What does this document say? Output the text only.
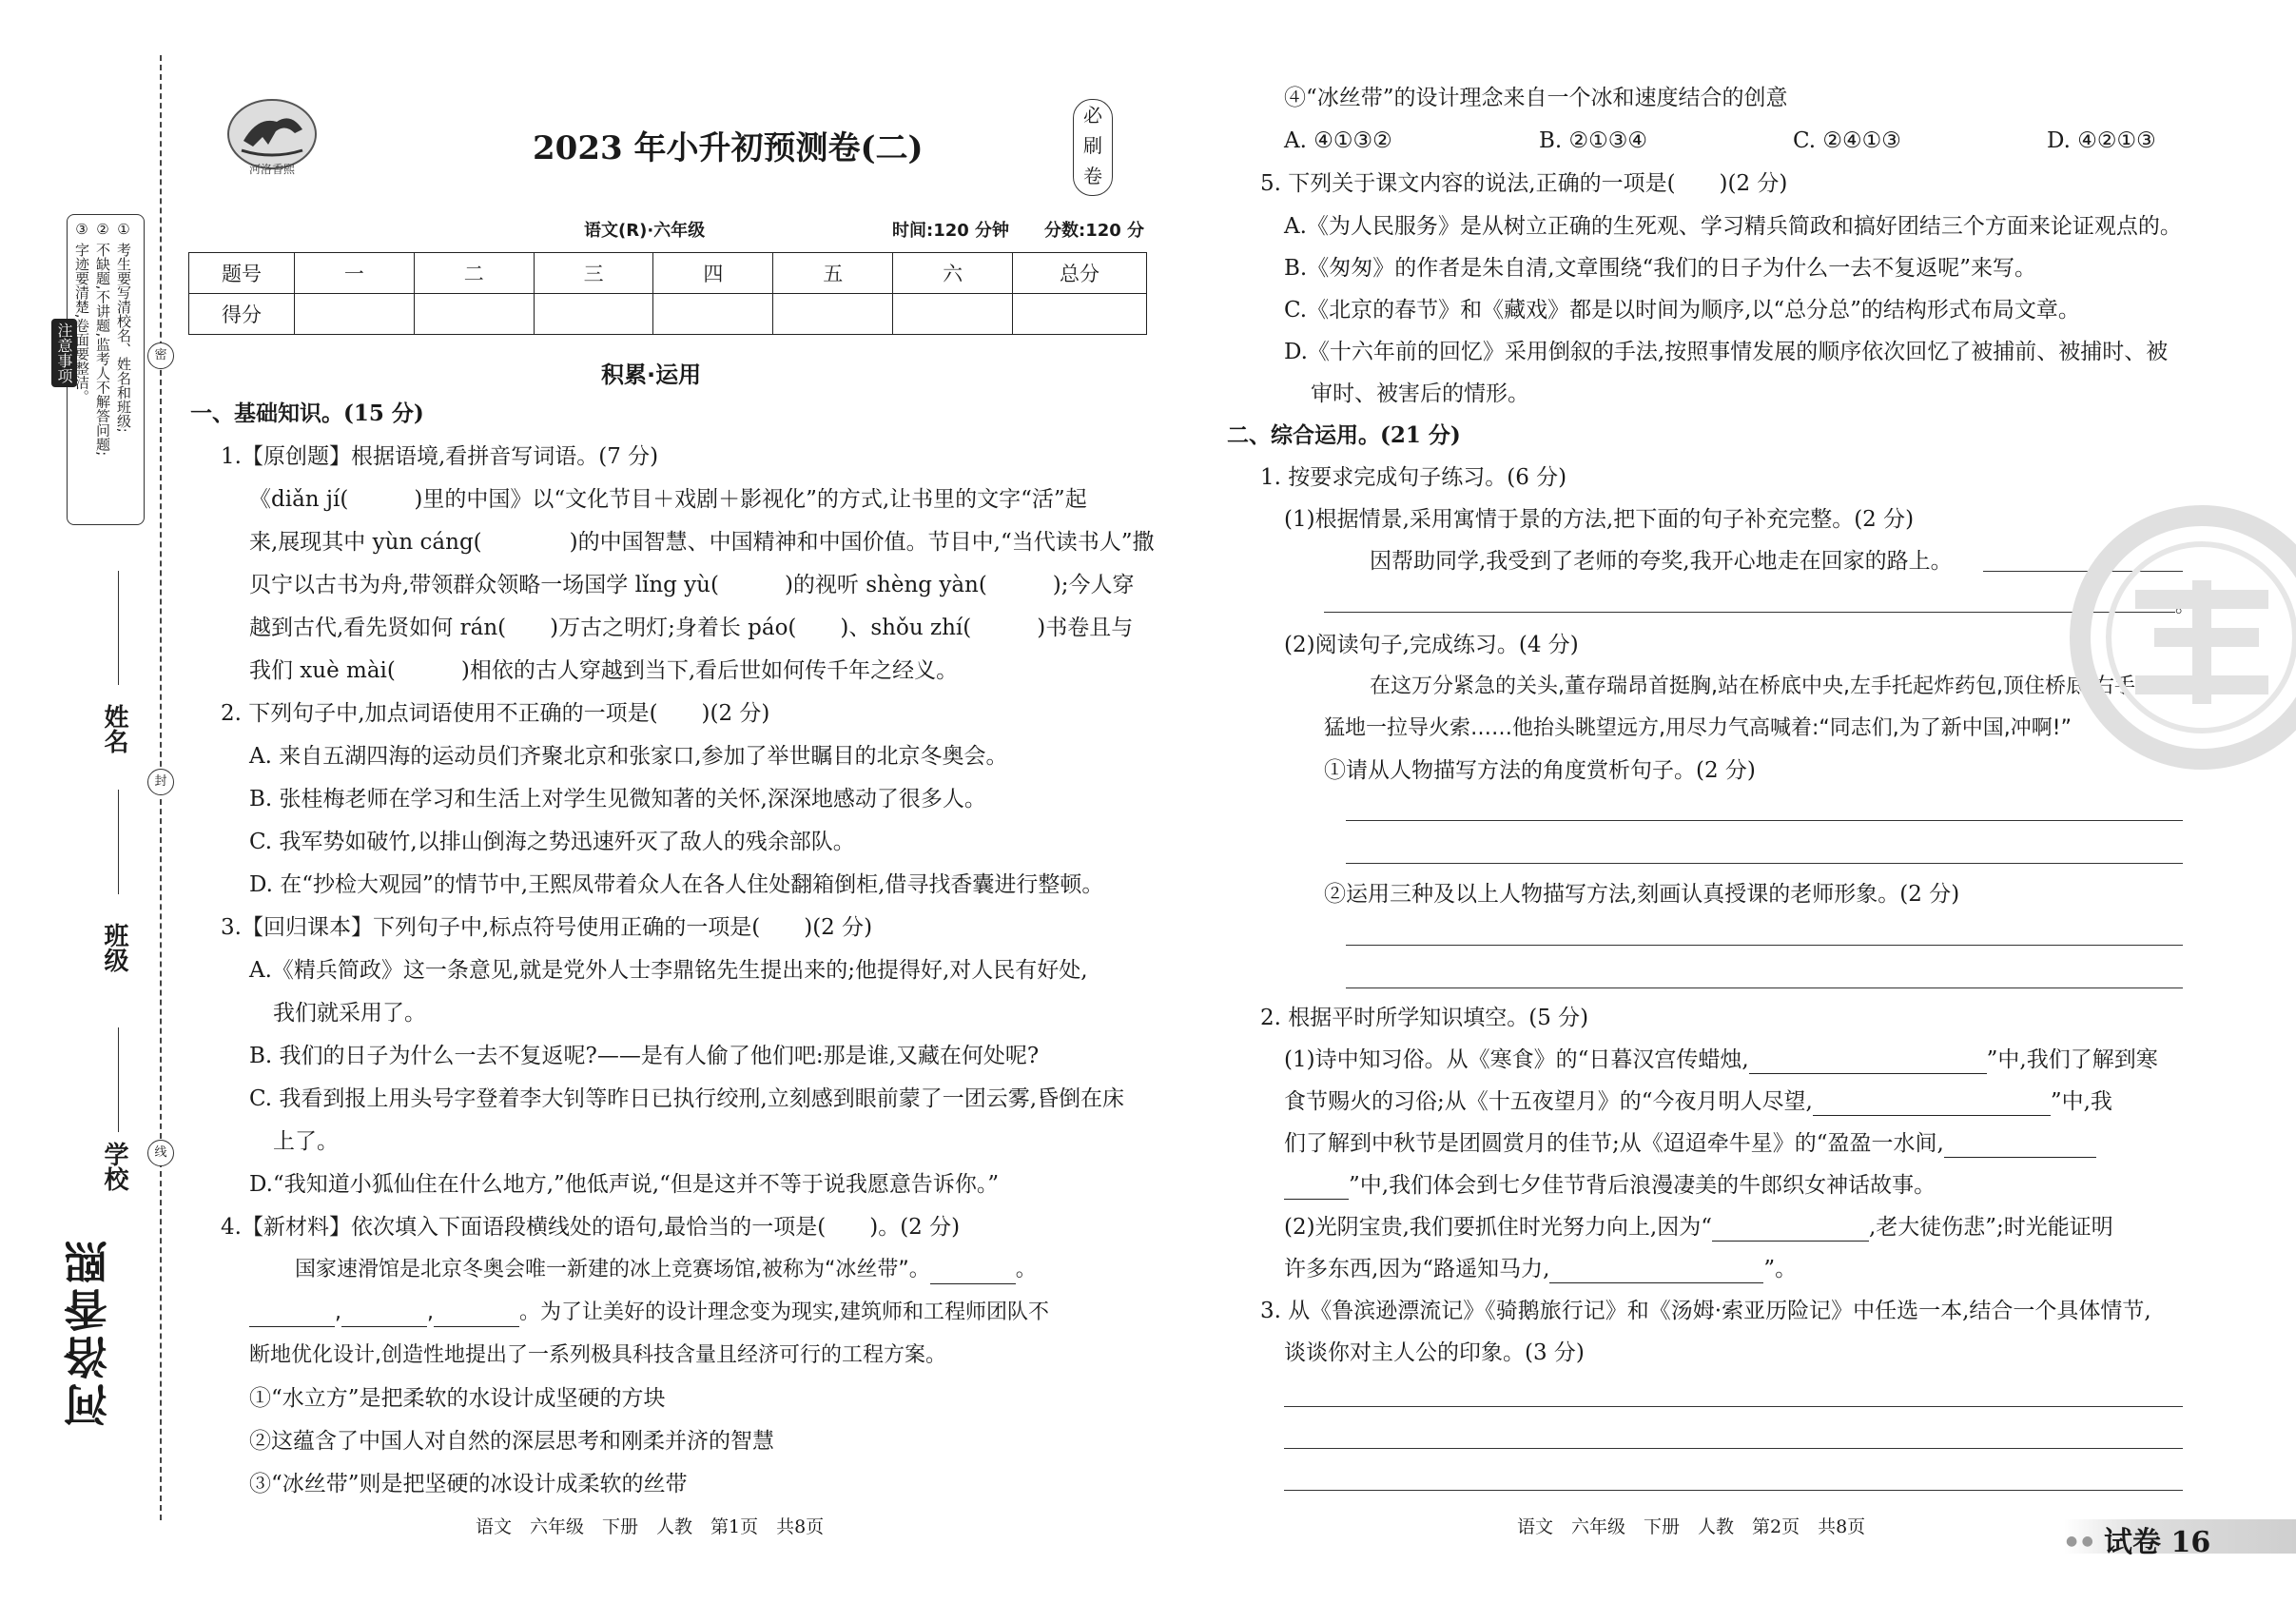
注意事项	① 考生要写清校名、姓名和班级;
② 不缺题,不讲题,监考人不解答问题;
③ 字迹要清楚,卷面要整洁。
姓名
班级
学校
密
封
线
河洛香熙
河洛香熙
2023 年小升初预测卷(二)
必
刷
卷
语文(R)·六年级	时间:120 分钟 分数:120 分
题号	一	二	三	四	五	六	总分
得分							
积累·运用
一、基础知识。(15 分)
1.【原创题】根据语境,看拼音写词语。(7 分)
《diǎn jí(　　　)里的中国》以“文化节目＋戏剧＋影视化”的方式,让书里的文字“活”起
来,展现其中 yùn cáng(　　　　)的中国智慧、中国精神和中国价值。节目中,“当代读书人”撒
贝宁以古书为舟,带领群众领略一场国学 lǐng yù(　　　)的视听 shèng yàn(　　　);今人穿
越到古代,看先贤如何 rán(　　)万古之明灯;身着长 páo(　　)、shǒu zhí(　　　)书卷且与
我们 xuè mài(　　　)相依的古人穿越到当下,看后世如何传千年之经义。
2. 下列句子中,加点词语使用不正确的一项是(　　)(2 分)
A. 来自五湖四海的运动员们齐聚北京和张家口,参加了举世瞩目的北京冬奥会。
B. 张桂梅老师在学习和生活上对学生见微知著的关怀,深深地感动了很多人。
C. 我军势如破竹,以排山倒海之势迅速歼灭了敌人的残余部队。
D. 在“抄检大观园”的情节中,王熙凤带着众人在各人住处翻箱倒柜,借寻找香囊进行整顿。
3.【回归课本】下列句子中,标点符号使用正确的一项是(　　)(2 分)
A.《精兵简政》这一条意见,就是党外人士李鼎铭先生提出来的;他提得好,对人民有好处,
我们就采用了。
B. 我们的日子为什么一去不复返呢?——是有人偷了他们吧:那是谁,又藏在何处呢?
C. 我看到报上用头号字登着李大钊等昨日已执行绞刑,立刻感到眼前蒙了一团云雾,昏倒在床
上了。
D.“我知道小狐仙住在什么地方,”他低声说,“但是这并不等于说我愿意告诉你。”
4.【新材料】依次填入下面语段横线处的语句,最恰当的一项是(　　)。(2 分)
国家速滑馆是北京冬奥会唯一新建的冰上竞赛场馆,被称为“冰丝带”。	。
,	,	。为了让美好的设计理念变为现实,建筑师和工程师团队不
断地优化设计,创造性地提出了一系列极具科技含量且经济可行的工程方案。
①“水立方”是把柔软的水设计成坚硬的方块
②这蕴含了中国人对自然的深层思考和刚柔并济的智慧
③“冰丝带”则是把坚硬的冰设计成柔软的丝带
语文　六年级　下册　人教　第1页　共8页
④“冰丝带”的设计理念来自一个冰和速度结合的创意
A. ④①③②	B. ②①③④	C. ②④①③	D. ④②①③
5. 下列关于课文内容的说法,正确的一项是(　　)(2 分)
A.《为人民服务》是从树立正确的生死观、学习精兵简政和搞好团结三个方面来论证观点的。
B.《匆匆》的作者是朱自清,文章围绕“我们的日子为什么一去不复返呢”来写。
C.《北京的春节》和《藏戏》都是以时间为顺序,以“总分总”的结构形式布局文章。
D.《十六年前的回忆》采用倒叙的手法,按照事情发展的顺序依次回忆了被捕前、被捕时、被
审时、被害后的情形。
二、综合运用。(21 分)
1. 按要求完成句子练习。(6 分)
(1)根据情景,采用寓情于景的方法,把下面的句子补充完整。(2 分)
因帮助同学,我受到了老师的夸奖,我开心地走在回家的路上。
。
(2)阅读句子,完成练习。(4 分)
在这万分紧急的关头,董存瑞昂首挺胸,站在桥底中央,左手托起炸药包,顶住桥底,右手
猛地一拉导火索……他抬头眺望远方,用尽力气高喊着:“同志们,为了新中国,冲啊!”
①请从人物描写方法的角度赏析句子。(2 分)
②运用三种及以上人物描写方法,刻画认真授课的老师形象。(2 分)
2. 根据平时所学知识填空。(5 分)
(1)诗中知习俗。从《寒食》的“日暮汉宫传蜡烛,	”中,我们了解到寒
食节赐火的习俗;从《十五夜望月》的“今夜月明人尽望,	”中,我
们了解到中秋节是团圆赏月的佳节;从《迢迢牵牛星》的“盈盈一水间,
”中,我们体会到七夕佳节背后浪漫凄美的牛郎织女神话故事。
(2)光阴宝贵,我们要抓住时光努力向上,因为“	,老大徒伤悲”;时光能证明
许多东西,因为“路遥知马力,	”。
3. 从《鲁滨逊漂流记》《骑鹅旅行记》和《汤姆·索亚历险记》中任选一本,结合一个具体情节,
谈谈你对主人公的印象。(3 分)
语文　六年级　下册　人教　第2页　共8页
● ● 试卷 16
